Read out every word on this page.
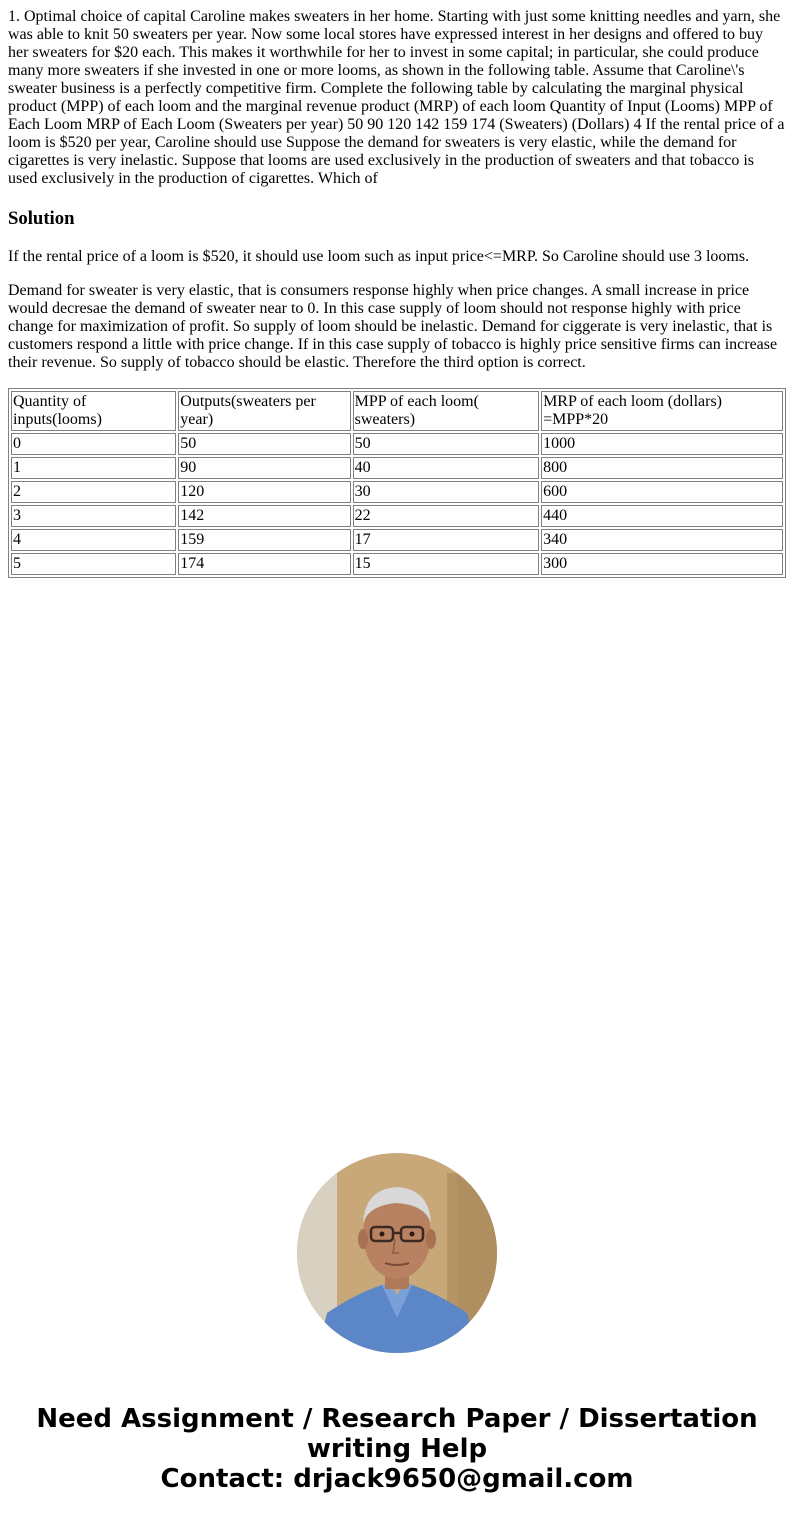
1. Optimal choice of capital Caroline makes sweaters in her home. Starting with just some knitting needles and yarn, she was able to knit 50 sweaters per year. Now some local stores have expressed interest in her designs and offered to buy her sweaters for $20 each. This makes it worthwhile for her to invest in some capital; in particular, she could produce many more sweaters if she invested in one or more looms, as shown in the following table. Assume that Caroline\'s sweater business is a perfectly competitive firm. Complete the following table by calculating the marginal physical product (MPP) of each loom and the marginal revenue product (MRP) of each loom Quantity of Input (Looms) MPP of Each Loom MRP of Each Loom (Sweaters per year) 50 90 120 142 159 174 (Sweaters) (Dollars) 4 If the rental price of a loom is $520 per year, Caroline should use Suppose the demand for sweaters is very elastic, while the demand for cigarettes is very inelastic. Suppose that looms are used exclusively in the production of sweaters and that tobacco is used exclusively in the production of cigarettes. Which of
Solution

If the rental price of a loom is $520, it should use loom such as input price<=MRP. So Caroline should use 3 looms.

Demand for sweater is very elastic, that is consumers response highly when price changes. A small increase in price would decresae the demand of sweater near to 0. In this case supply of loom should not response highly with price change for maximization of profit. So supply of loom should be inelastic. Demand for ciggerate is very inelastic, that is customers respond a little with price change. If in this case supply of tobacco is highly price sensitive firms can increase their revenue. So supply of tobacco should be elastic. Therefore the third option is correct.

Quantity of inputs(looms)	Outputs(sweaters per year)	MPP of each loom( sweaters)	MRP of each loom (dollars) =MPP*20
0	50	50	1000
1	90	40	800
2	120	30	600
3	142	22	440
4	159	17	340
5	174	15	300
Need Assignment / Research Paper / Dissertation
writing Help
Contact: drjack9650@gmail.com
